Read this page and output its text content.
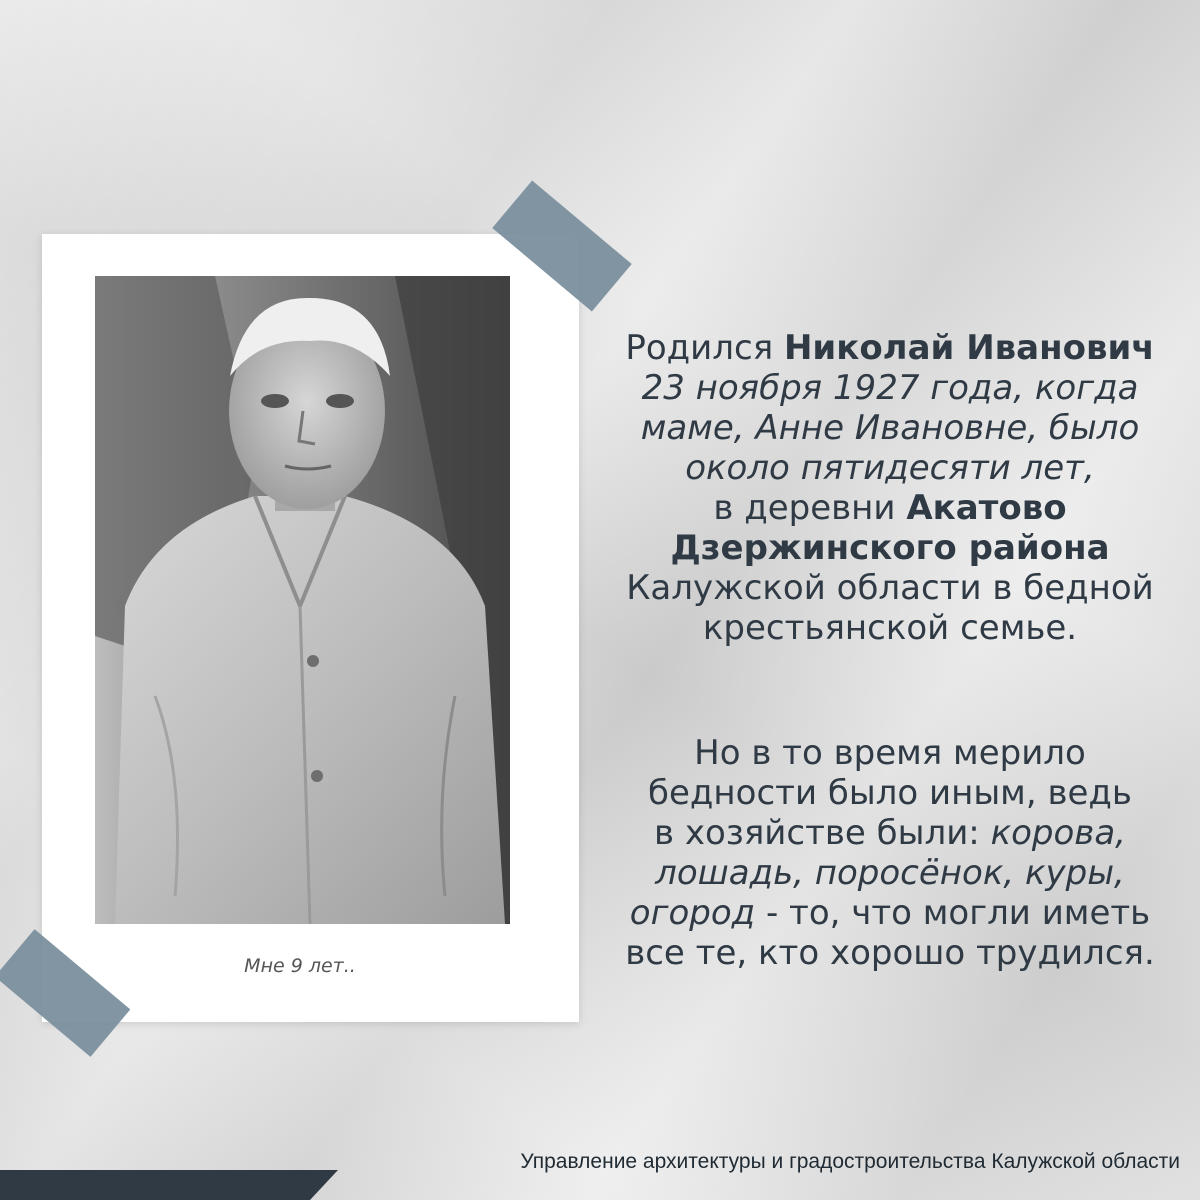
Мне 9 лет..
Родился Николай Иванович
23 ноября 1927 года, когда
маме, Анне Ивановне, было
около пятидесяти лет,
в деревни Акатово
Дзержинского района
Калужской области в бедной
крестьянской семье.
Но в то время мерило
бедности было иным, ведь
в хозяйстве были: корова,
лошадь, поросёнок, куры,
огород - то, что могли иметь
все те, кто хорошо трудился.
Управление архитектуры и градостроительства Калужской области
